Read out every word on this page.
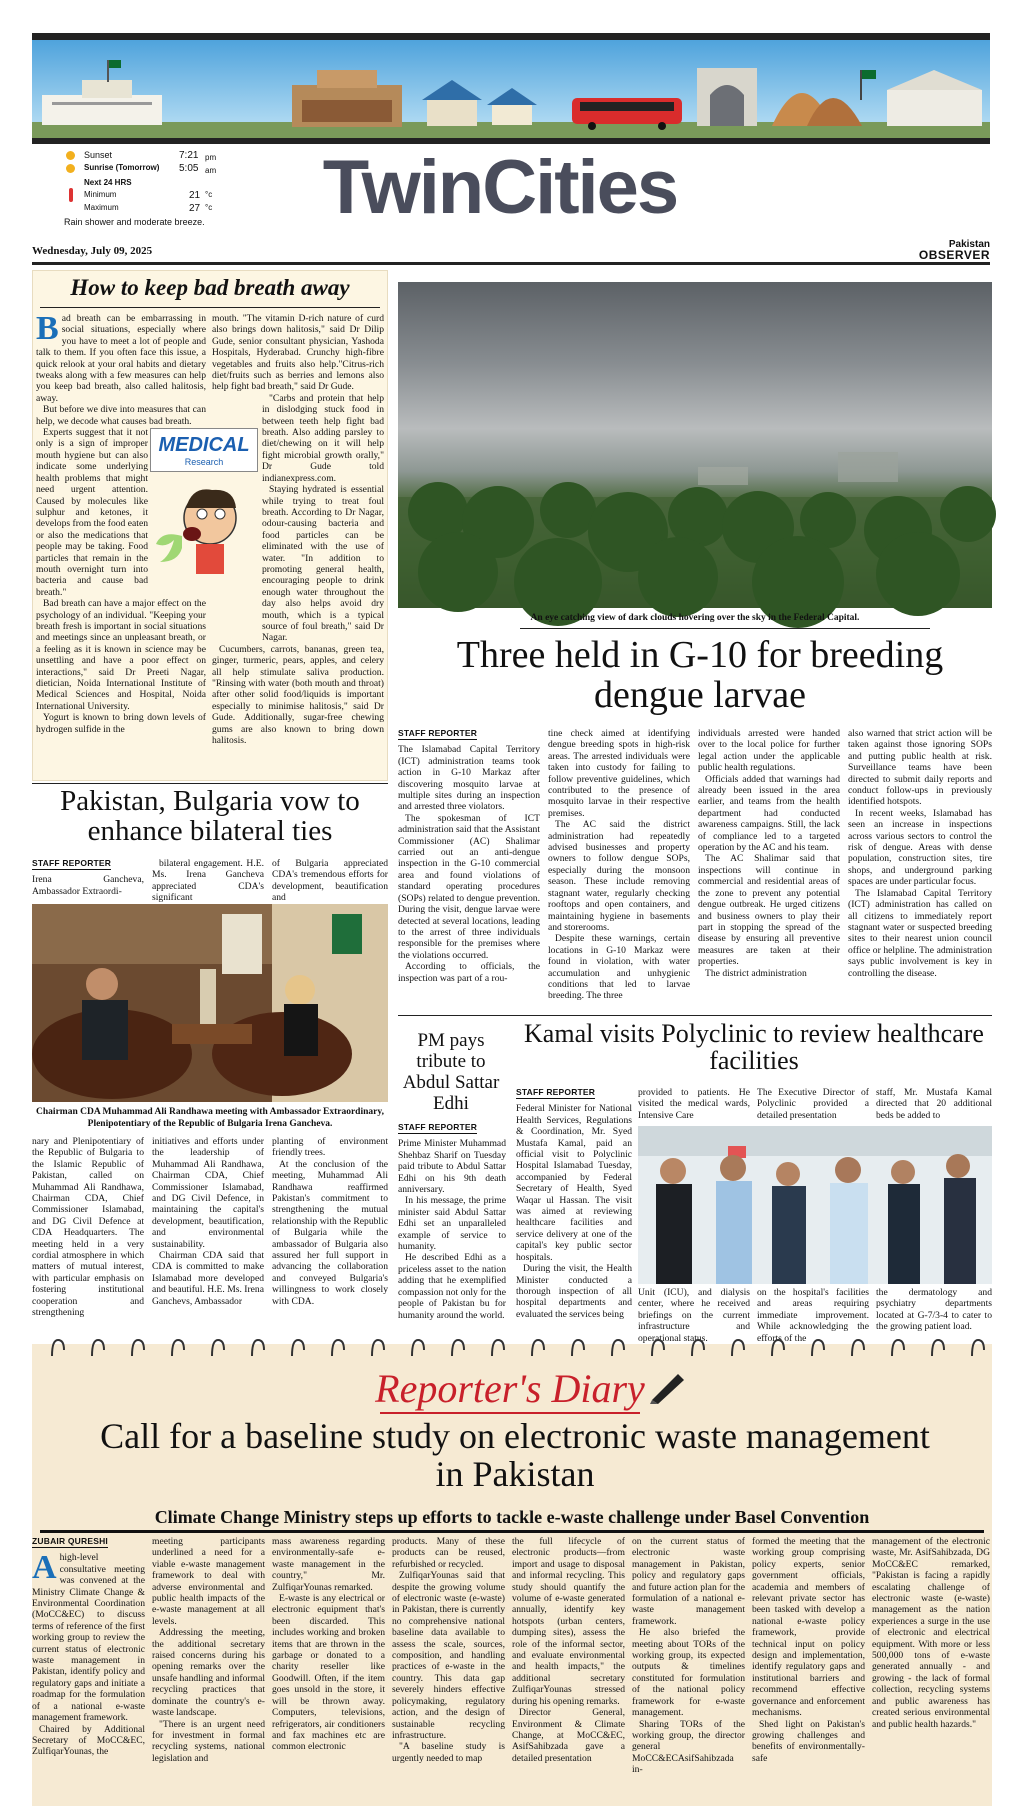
Sunset	7:21 pm
Sunrise (Tomorrow) 5:05 am
Next 24 HRS
Minimum	21 °c
Maximum	27 °c
Rain shower and moderate breeze.	TwinCities
Wednesday, July 09, 2025
Pakistan
OBSERVER
How to keep bad breath away

Bad breath can be embarrassing in social situations, especially where you have to meet a lot of people and talk to them. If you often face this issue, a quick relook at your oral habits and dietary tweaks along with a few measures can help you keep bad breath, also called halitosis, away.

But before we dive into measures that can help, we decode what causes bad breath.

Experts suggest that it not only is a sign of improper mouth hygiene but can also indicate some underlying health problems that might need urgent attention. Caused by molecules like sulphur and ketones, it develops from the food eaten or also the medications that people may be taking. Food particles that remain in the mouth overnight turn into bacteria and cause bad breath."

Bad breath can have a major effect on the psychology of an individual. "Keeping your breath fresh is important in social situations and meetings since an unpleasant breath, or a feeling as it is known in science may be unsettling and have a poor effect on interactions," said Dr Preeti Nagar, dietician, Noida International Institute of Medical Sciences and Hospital, Noida International University.

Yogurt is known to bring down levels of hydrogen sulfide in the

MEDICAL
Research

mouth. "The vitamin D-rich nature of curd also brings down halitosis," said Dr Dilip Gude, senior consultant physician, Yashoda Hospitals, Hyderabad. Crunchy high-fibre vegetables and fruits also help."Citrus-rich diet/fruits such as berries and lemons also help fight bad breath," said Dr Gude.

"Carbs and protein that help in dislodging stuck food in between teeth help fight bad breath. Also adding parsley to diet/chewing on it will help fight microbial growth orally," Dr Gude told indianexpress.com.

Staying hydrated is essential while trying to treat foul breath. According to Dr Nagar, odour-causing bacteria and food particles can be eliminated with the use of water. "In addition to promoting general health, encouraging people to drink enough water throughout the day also helps avoid dry mouth, which is a typical source of foul breath," said Dr Nagar.

Cucumbers, carrots, bananas, green tea, ginger, turmeric, pears, apples, and celery all help stimulate saliva production. "Rinsing with water (both mouth and throat) after other solid food/liquids is important especially to minimise halitosis," said Dr Gude. Additionally, sugar-free chewing gums are also known to bring down halitosis.

An eye catching view of dark clouds hovering over the sky in the Federal Capital.
Three held in G-10 for breeding dengue larvae
STAFF REPORTER

The Islamabad Capital Territory (ICT) administration teams took action in G-10 Markaz after discovering mosquito larvae at multiple sites during an inspection and arrested three violators.

The spokesman of ICT administration said that the Assistant Commissioner (AC) Shalimar carried out an anti-dengue inspection in the G-10 commercial area and found violations of standard operating procedures (SOPs) related to dengue prevention. During the visit, dengue larvae were detected at several locations, leading to the arrest of three individuals responsible for the premises where the violations occurred.

According to officials, the inspection was part of a rou-

tine check aimed at identifying dengue breeding spots in high-risk areas. The arrested individuals were taken into custody for failing to follow preventive guidelines, which contributed to the presence of mosquito larvae in their respective premises.

The AC said the district administration had repeatedly advised businesses and property owners to follow dengue SOPs, especially during the monsoon season. These include removing stagnant water, regularly checking rooftops and open containers, and maintaining hygiene in basements and storerooms.

Despite these warnings, certain locations in G-10 Markaz were found in violation, with water accumulation and unhygienic conditions that led to larvae breeding. The three

individuals arrested were handed over to the local police for further legal action under the applicable public health regulations.

Officials added that warnings had already been issued in the area earlier, and teams from the health department had conducted awareness campaigns. Still, the lack of compliance led to a targeted operation by the AC and his team.

The AC Shalimar said that inspections will continue in commercial and residential areas of the zone to prevent any potential dengue outbreak. He urged citizens and business owners to play their part in stopping the spread of the disease by ensuring all preventive measures are taken at their properties.

The district administration

also warned that strict action will be taken against those ignoring SOPs and putting public health at risk. Surveillance teams have been directed to submit daily reports and conduct follow-ups in previously identified hotspots.

In recent weeks, Islamabad has seen an increase in inspections across various sectors to control the risk of dengue. Areas with dense population, construction sites, tire shops, and underground parking spaces are under particular focus.

The Islamabad Capital Territory (ICT) administration has called on all citizens to immediately report stagnant water or suspected breeding sites to their nearest union council office or helpline. The administration says public involvement is key in controlling the disease.

Pakistan, Bulgaria vow to enhance bilateral ties
STAFF REPORTER
Irena Gancheva, Ambassador Extraordi-
bilateral engagement. H.E. Ms. Irena Gancheva appreciated CDA's significant
of Bulgaria appreciated CDA's tremendous efforts for development, beautification and
Chairman CDA Muhammad Ali Randhawa meeting with Ambassador Extraordinary, Plenipotentiary of the Republic of Bulgaria Irena Gancheva.
nary and Plenipotentiary of the Republic of Bulgaria to the Islamic Republic of Pakistan, called on Muhammad Ali Randhawa, Chairman CDA, Chief Commissioner Islamabad, and DG Civil Defence at CDA Headquarters. The meeting held in a very cordial atmosphere in which matters of mutual interest, with particular emphasis on fostering institutional cooperation and strengthening
initiatives and efforts under the leadership of Muhammad Ali Randhawa, Chairman CDA, Chief Commissioner Islamabad, and DG Civil Defence, in maintaining the capital's development, beautification, and environmental sustainability.

Chairman CDA said that CDA is committed to make Islamabad more developed and beautiful. H.E. Ms. Irena Ganchevs, Ambassador

planting of environment friendly trees.

At the conclusion of the meeting, Muhammad Ali Randhawa reaffirmed Pakistan's commitment to strengthening the mutual relationship with the Republic of Bulgaria while the ambassador of Bulgaria also assured her full support in advancing the collaboration and conveyed Bulgaria's willingness to work closely with CDA.

PM pays tribute to Abdul Sattar Edhi
STAFF REPORTER

Prime Minister Muhammad Shehbaz Sharif on Tuesday paid tribute to Abdul Sattar Edhi on his 9th death anniversary.

In his message, the prime minister said Abdul Sattar Edhi set an unparalleled example of service to humanity.

He described Edhi as a priceless asset to the nation adding that he exemplified compassion not only for the people of Pakistan bu for humanity around the world.

Kamal visits Polyclinic to review healthcare facilities
STAFF REPORTER

Federal Minister for National Health Services, Regulations & Coordination, Mr. Syed Mustafa Kamal, paid an official visit to Polyclinic Hospital Islamabad Tuesday, accompanied by Federal Secretary of Health, Syed Waqar ul Hassan. The visit was aimed at reviewing healthcare facilities and service delivery at one of the capital's key public sector hospitals.

During the visit, the Health Minister conducted a thorough inspection of all hospital departments and evaluated the services being

provided to patients. He visited the medical wards, Intensive Care
The Executive Director of Polyclinic provided a detailed presentation
staff, Mr. Mustafa Kamal directed that 20 additional beds be added to
Unit (ICU), and dialysis center, where he received briefings on the current infrastructure and operational status.
on the hospital's facilities and areas requiring immediate improvement. While acknowledging the efforts of the
the dermatology and psychiatry departments located at G-7/3-4 to cater to the growing patient load.
Reporter's Diary
Call for a baseline study on electronic waste management in Pakistan
Climate Change Ministry steps up efforts to tackle e-waste challenge under Basel Convention
ZUBAIR QURESHI

Ahigh-level consultative meeting was convened at the Ministry Climate Change & Environmental Coordination (MoCC&EC) to discuss terms of reference of the first working group to review the current status of electronic waste management in Pakistan, identify policy and regulatory gaps and initiate a roadmap for the formulation of a national e-waste management framework.

Chaired by Additional Secretary of MoCC&EC, ZulfiqarYounas, the

meeting participants underlined a need for a viable e-waste management framework to deal with adverse environmental and public health impacts of the e-waste management at all levels.

Addressing the meeting, the additional secretary raised concerns during his opening remarks over the unsafe handling and informal recycling practices that dominate the country's e-waste landscape.

"There is an urgent need for investment in formal recycling systems, national legislation and

mass awareness regarding environmentally-safe e-waste management in the country," Mr. ZulfiqarYounas remarked.

E-waste is any electrical or electronic equipment that's been discarded. This includes working and broken items that are thrown in the garbage or donated to a charity reseller like Goodwill. Often, if the item goes unsold in the store, it will be thrown away. Computers, televisions, refrigerators, air conditioners and fax machines etc are common electronic

products. Many of these products can be reused, refurbished or recycled.

ZulfiqarYounas said that despite the growing volume of electronic waste (e-waste) in Pakistan, there is currently no comprehensive national baseline data available to assess the scale, sources, composition, and handling practices of e-waste in the country. This data gap severely hinders effective policymaking, regulatory action, and the design of sustainable recycling infrastructure.

"A baseline study is urgently needed to map

the full lifecycle of electronic products—from import and usage to disposal and informal recycling. This study should quantify the volume of e-waste generated annually, identify key hotspots (urban centers, dumping sites), assess the role of the informal sector, and evaluate environmental and health impacts," the additional secretary ZulfiqarYounas stressed during his opening remarks.

Director General, Environment & Climate Change, at MoCC&EC, AsifSahibzada gave a detailed presentation

on the current status of electronic waste management in Pakistan, policy and regulatory gaps and future action plan for the formulation of a national e-waste management framework.

He also briefed the meeting about TORs of the working group, its expected outputs & timelines constituted for formulation of the national policy framework for e-waste management.

Sharing TORs of the working group, the director general MoCC&ECAsifSahibzada in-

formed the meeting that the working group comprising policy experts, senior government officials, academia and members of relevant private sector has been tasked with develop a national e-waste policy framework, provide technical input on policy design and implementation, identify regulatory gaps and institutional barriers and recommend effective governance and enforcement mechanisms.

Shed light on Pakistan's growing challenges and benefits of environmentally-safe

management of the electronic waste, Mr. AsifSahibzada, DG MoCC&EC remarked, "Pakistan is facing a rapidly escalating challenge of electronic waste (e-waste) management as the nation experiences a surge in the use of electronic and electrical equipment. With more or less 500,000 tons of e-waste generated annually - and growing - the lack of formal collection, recycling systems and public awareness has created serious environmental and public health hazards."
